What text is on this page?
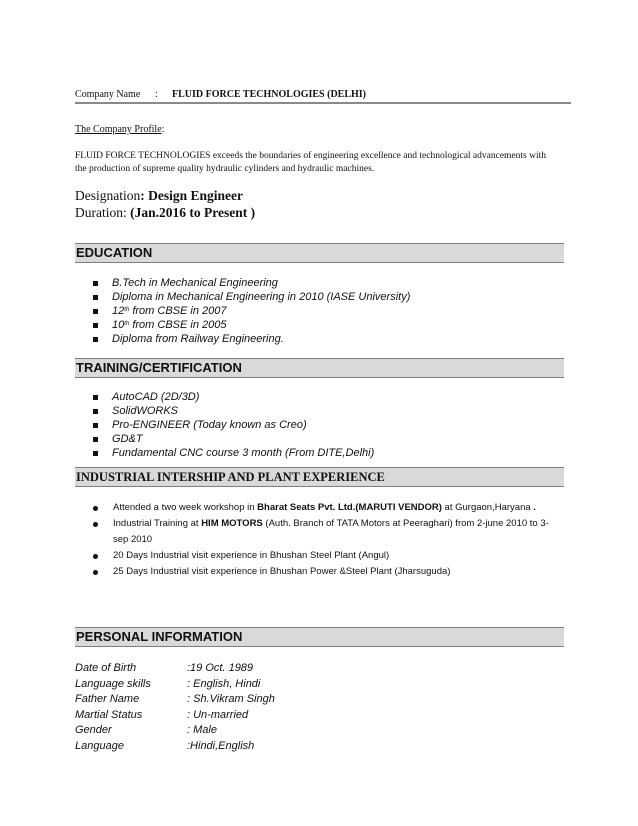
Company Name : FLUID FORCE TECHNOLOGIES (DELHI)
The Company Profile:
FLUID FORCE TECHNOLOGIES exceeds the boundaries of engineering excellence and technological advancements with the production of supreme quality hydraulic cylinders and hydraulic machines.
Designation: Design Engineer
Duration: (Jan.2016 to Present )
EDUCATION
B.Tech in Mechanical Engineering
Diploma in Mechanical Engineering in 2010 (IASE University)
12th from CBSE in 2007
10th from CBSE in 2005
Diploma from Railway Engineering.
TRAINING/CERTIFICATION
AutoCAD (2D/3D)
SolidWORKS
Pro-ENGINEER (Today known as Creo)
GD&T
Fundamental CNC course 3 month (From DITE,Delhi)
INDUSTRIAL INTERSHIP AND PLANT EXPERIENCE
Attended a two week workshop in Bharat Seats Pvt. Ltd.(MARUTI VENDOR) at Gurgaon,Haryana .
Industrial Training at HIM MOTORS (Auth. Branch of TATA Motors at Peeraghari) from 2-june 2010 to 3-sep 2010
20 Days Industrial visit experience in Bhushan Steel Plant (Angul)
25 Days Industrial visit experience in Bhushan Power &Steel Plant (Jharsuguda)
PERSONAL INFORMATION
Date of Birth	:19 Oct. 1989
Language skills	: English, Hindi
Father Name	: Sh.Vikram Singh
Martial Status	: Un-married
Gender	: Male
Language	:Hindi,English
